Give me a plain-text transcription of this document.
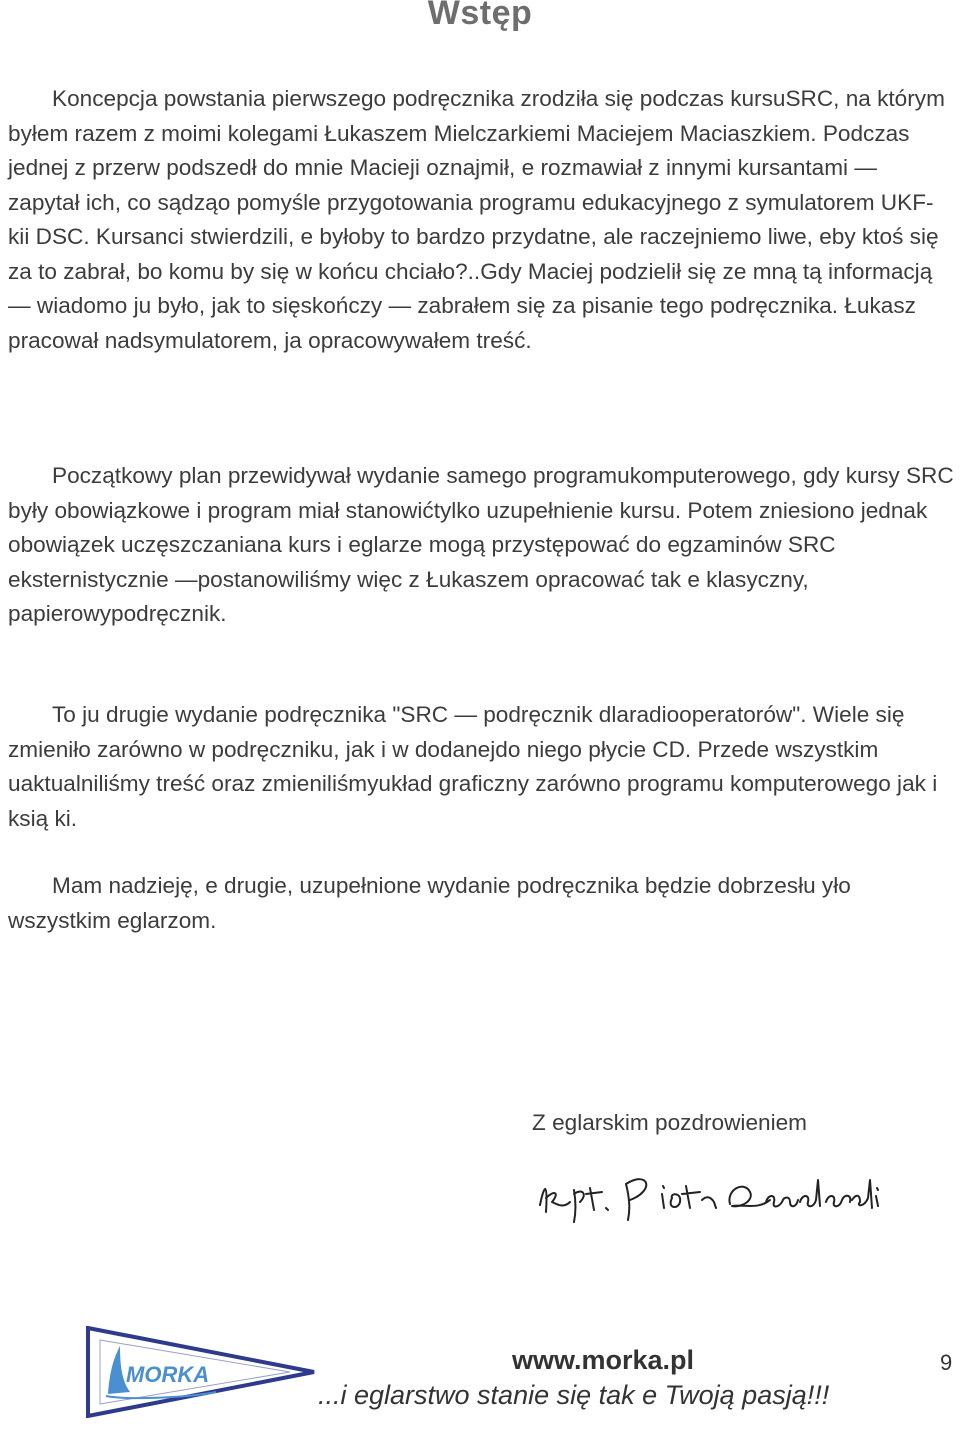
Wstęp
Koncepcja powstania pierwszego podręcznika zrodziła się podczas kursuSRC, na którym byłem razem z moimi kolegami Łukaszem Mielczarkiemi Maciejem Maciaszkiem. Podczas jednej z przerw podszedł do mnie Macieji oznajmił, e rozmawiał z innymi kursantami — zapytał ich, co sądząo pomyśle przygotowania programu edukacyjnego z symulatorem UKF-kii DSC. Kursanci stwierdzili, e byłoby to bardzo przydatne, ale raczejniemo liwe, eby ktoś się za to zabrał, bo komu by się w końcu chciało?..Gdy Maciej podzielił się ze mną tą informacją — wiadomo ju było, jak to sięskończy — zabrałem się za pisanie tego podręcznika. Łukasz pracował nadsymulatorem, ja opracowywałem treść.
Początkowy plan przewidywał wydanie samego programukomputerowego, gdy kursy SRC były obowiązkowe i program miał stanowićtylko uzupełnienie kursu. Potem zniesiono jednak obowiązek uczęszczaniana kurs i eglarze mogą przystępować do egzaminów SRC eksternistycznie —postanowiliśmy więc z Łukaszem opracować tak e klasyczny, papierowypodręcznik.
To ju drugie wydanie podręcznika "SRC — podręcznik dlaradiooperatorów". Wiele się zmieniło zarówno w podręczniku, jak i w dodanejdo niego płycie CD. Przede wszystkim uaktualniliśmy treść oraz zmieniliśmyukład graficzny zarówno programu komputerowego jak i ksią ki.
Mam nadzieję, e drugie, uzupełnione wydanie podręcznika będzie dobrzesłu yło wszystkim eglarzom.
Z eglarskim pozdrowieniem
MORKA	www.morka.pl
...i eglarstwo stanie się tak e Twoją pasją!!!
9
